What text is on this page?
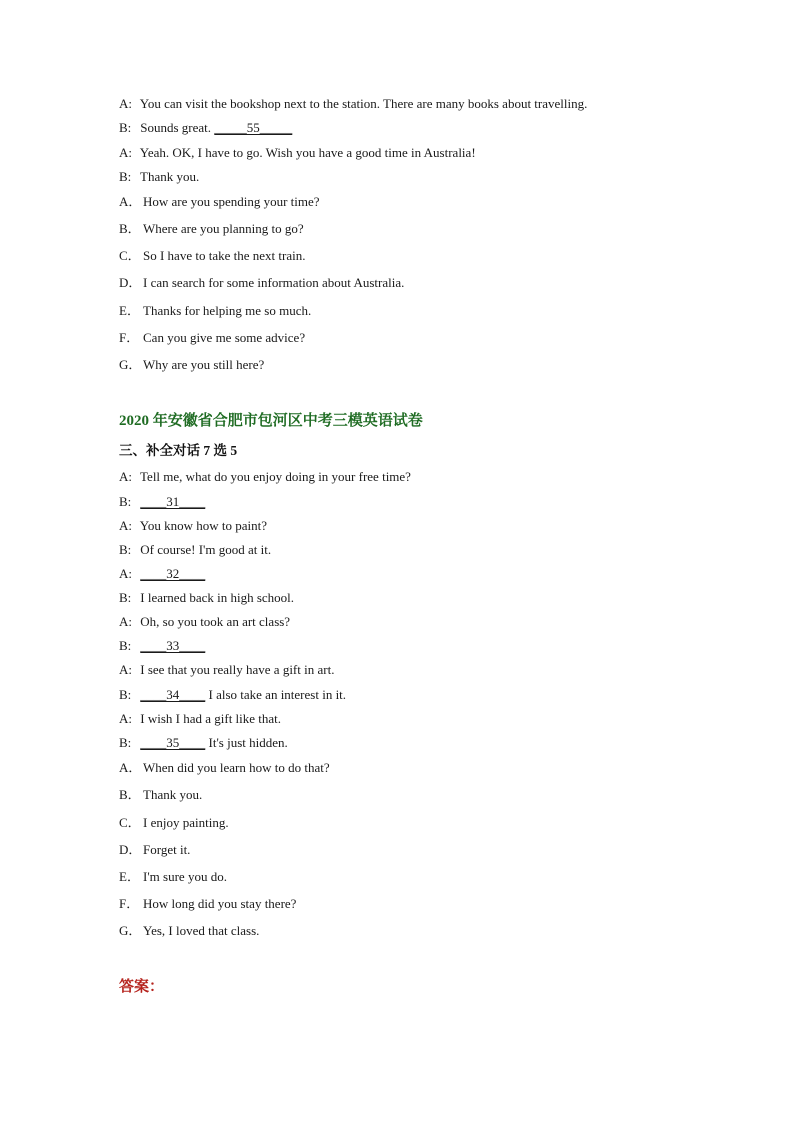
A: You can visit the bookshop next to the station. There are many books about travelling.
B: Sounds great. _____55_____
A: Yeah. OK, I have to go. Wish you have a good time in Australia!
B: Thank you.
A． How are you spending your time?
B． Where are you planning to go?
C． So I have to take the next train.
D． I can search for some information about Australia.
E． Thanks for helping me so much.
F． Can you give me some advice?
G． Why are you still here?
2020 年安徽省合肥市包河区中考三模英语试卷
三、补全对话 7 选 5
A: Tell me, what do you enjoy doing in your free time?
B: ____31____
A: You know how to paint?
B: Of course! I'm good at it.
A: ____32____
B: I learned back in high school.
A: Oh, so you took an art class?
B: ____33____
A: I see that you really have a gift in art.
B: ____34____ I also take an interest in it.
A: I wish I had a gift like that.
B: ____35____ It's just hidden.
A． When did you learn how to do that?
B． Thank you.
C． I enjoy painting.
D． Forget it.
E． I'm sure you do.
F． How long did you stay there?
G． Yes, I loved that class.
答案：
